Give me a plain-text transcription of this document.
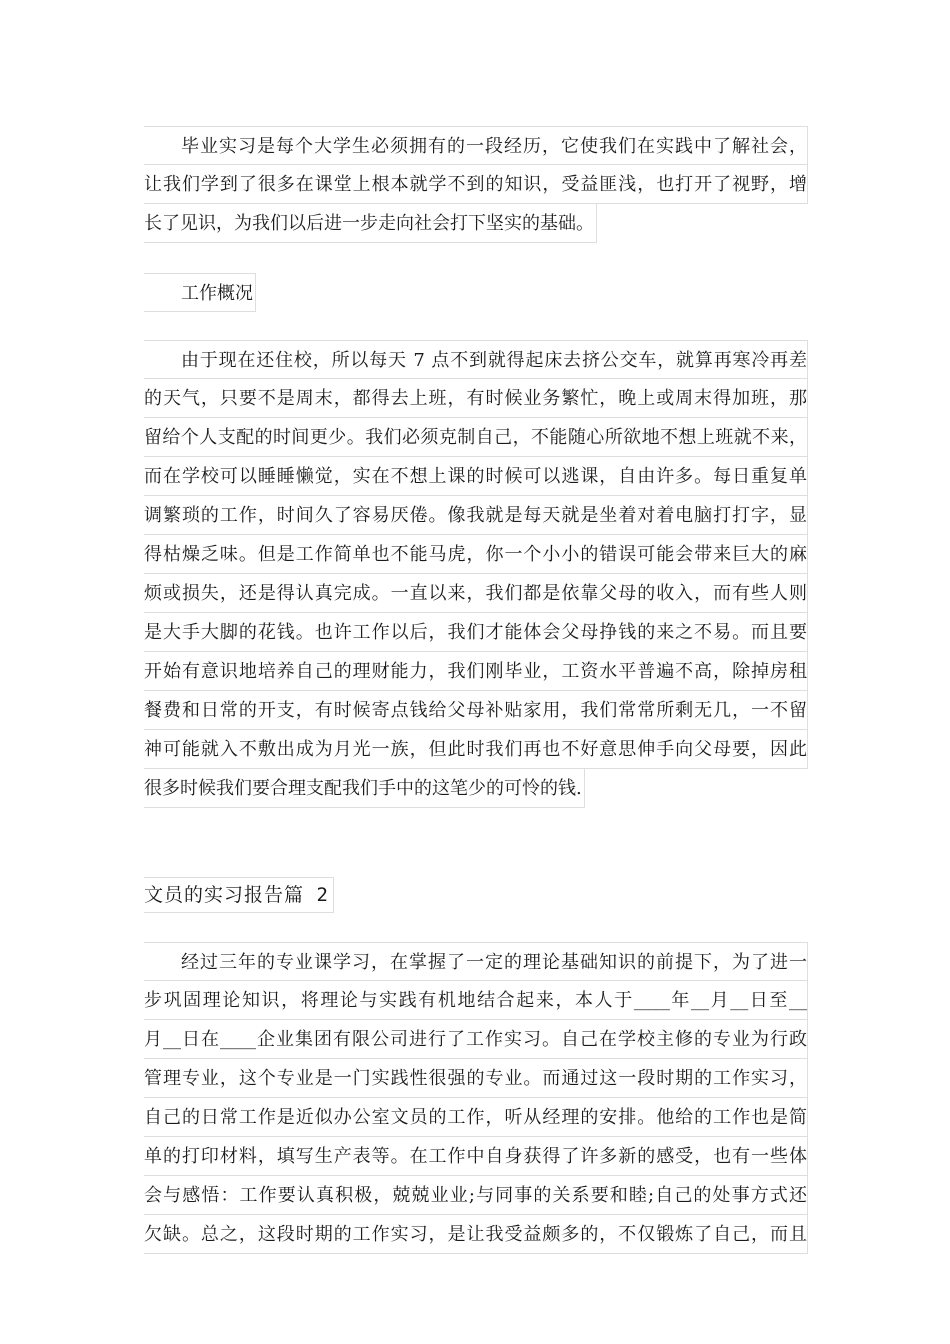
毕业实习是每个大学生必须拥有的一段经历，它使我们在实践中了解社会，
让我们学到了很多在课堂上根本就学不到的知识，受益匪浅，也打开了视野，增
长了见识，为我们以后进一步走向社会打下坚实的基础。
工作概况
由于现在还住校，所以每天 7 点不到就得起床去挤公交车，就算再寒冷再差
的天气，只要不是周末，都得去上班，有时候业务繁忙，晚上或周末得加班，那
留给个人支配的时间更少。我们必须克制自己，不能随心所欲地不想上班就不来，
而在学校可以睡睡懒觉，实在不想上课的时候可以逃课，自由许多。每日重复单
调繁琐的工作，时间久了容易厌倦。像我就是每天就是坐着对着电脑打打字，显
得枯燥乏味。但是工作简单也不能马虎，你一个小小的错误可能会带来巨大的麻
烦或损失，还是得认真完成。一直以来，我们都是依靠父母的收入，而有些人则
是大手大脚的花钱。也许工作以后，我们才能体会父母挣钱的来之不易。而且要
开始有意识地培养自己的理财能力，我们刚毕业，工资水平普遍不高，除掉房租
餐费和日常的开支，有时候寄点钱给父母补贴家用，我们常常所剩无几，一不留
神可能就入不敷出成为月光一族，但此时我们再也不好意思伸手向父母要，因此
很多时候我们要合理支配我们手中的这笔少的可怜的钱.
文员的实习报告篇 2
经过三年的专业课学习，在掌握了一定的理论基础知识的前提下，为了进一
步巩固理论知识，将理论与实践有机地结合起来，本人于____年__月__日至__
月__日在____企业集团有限公司进行了工作实习。自己在学校主修的专业为行政
管理专业，这个专业是一门实践性很强的专业。而通过这一段时期的工作实习，
自己的日常工作是近似办公室文员的工作，听从经理的安排。他给的工作也是简
单的打印材料，填写生产表等。在工作中自身获得了许多新的感受，也有一些体
会与感悟：工作要认真积极，兢兢业业;与同事的关系要和睦;自己的处事方式还
欠缺。总之，这段时期的工作实习，是让我受益颇多的，不仅锻炼了自己，而且
